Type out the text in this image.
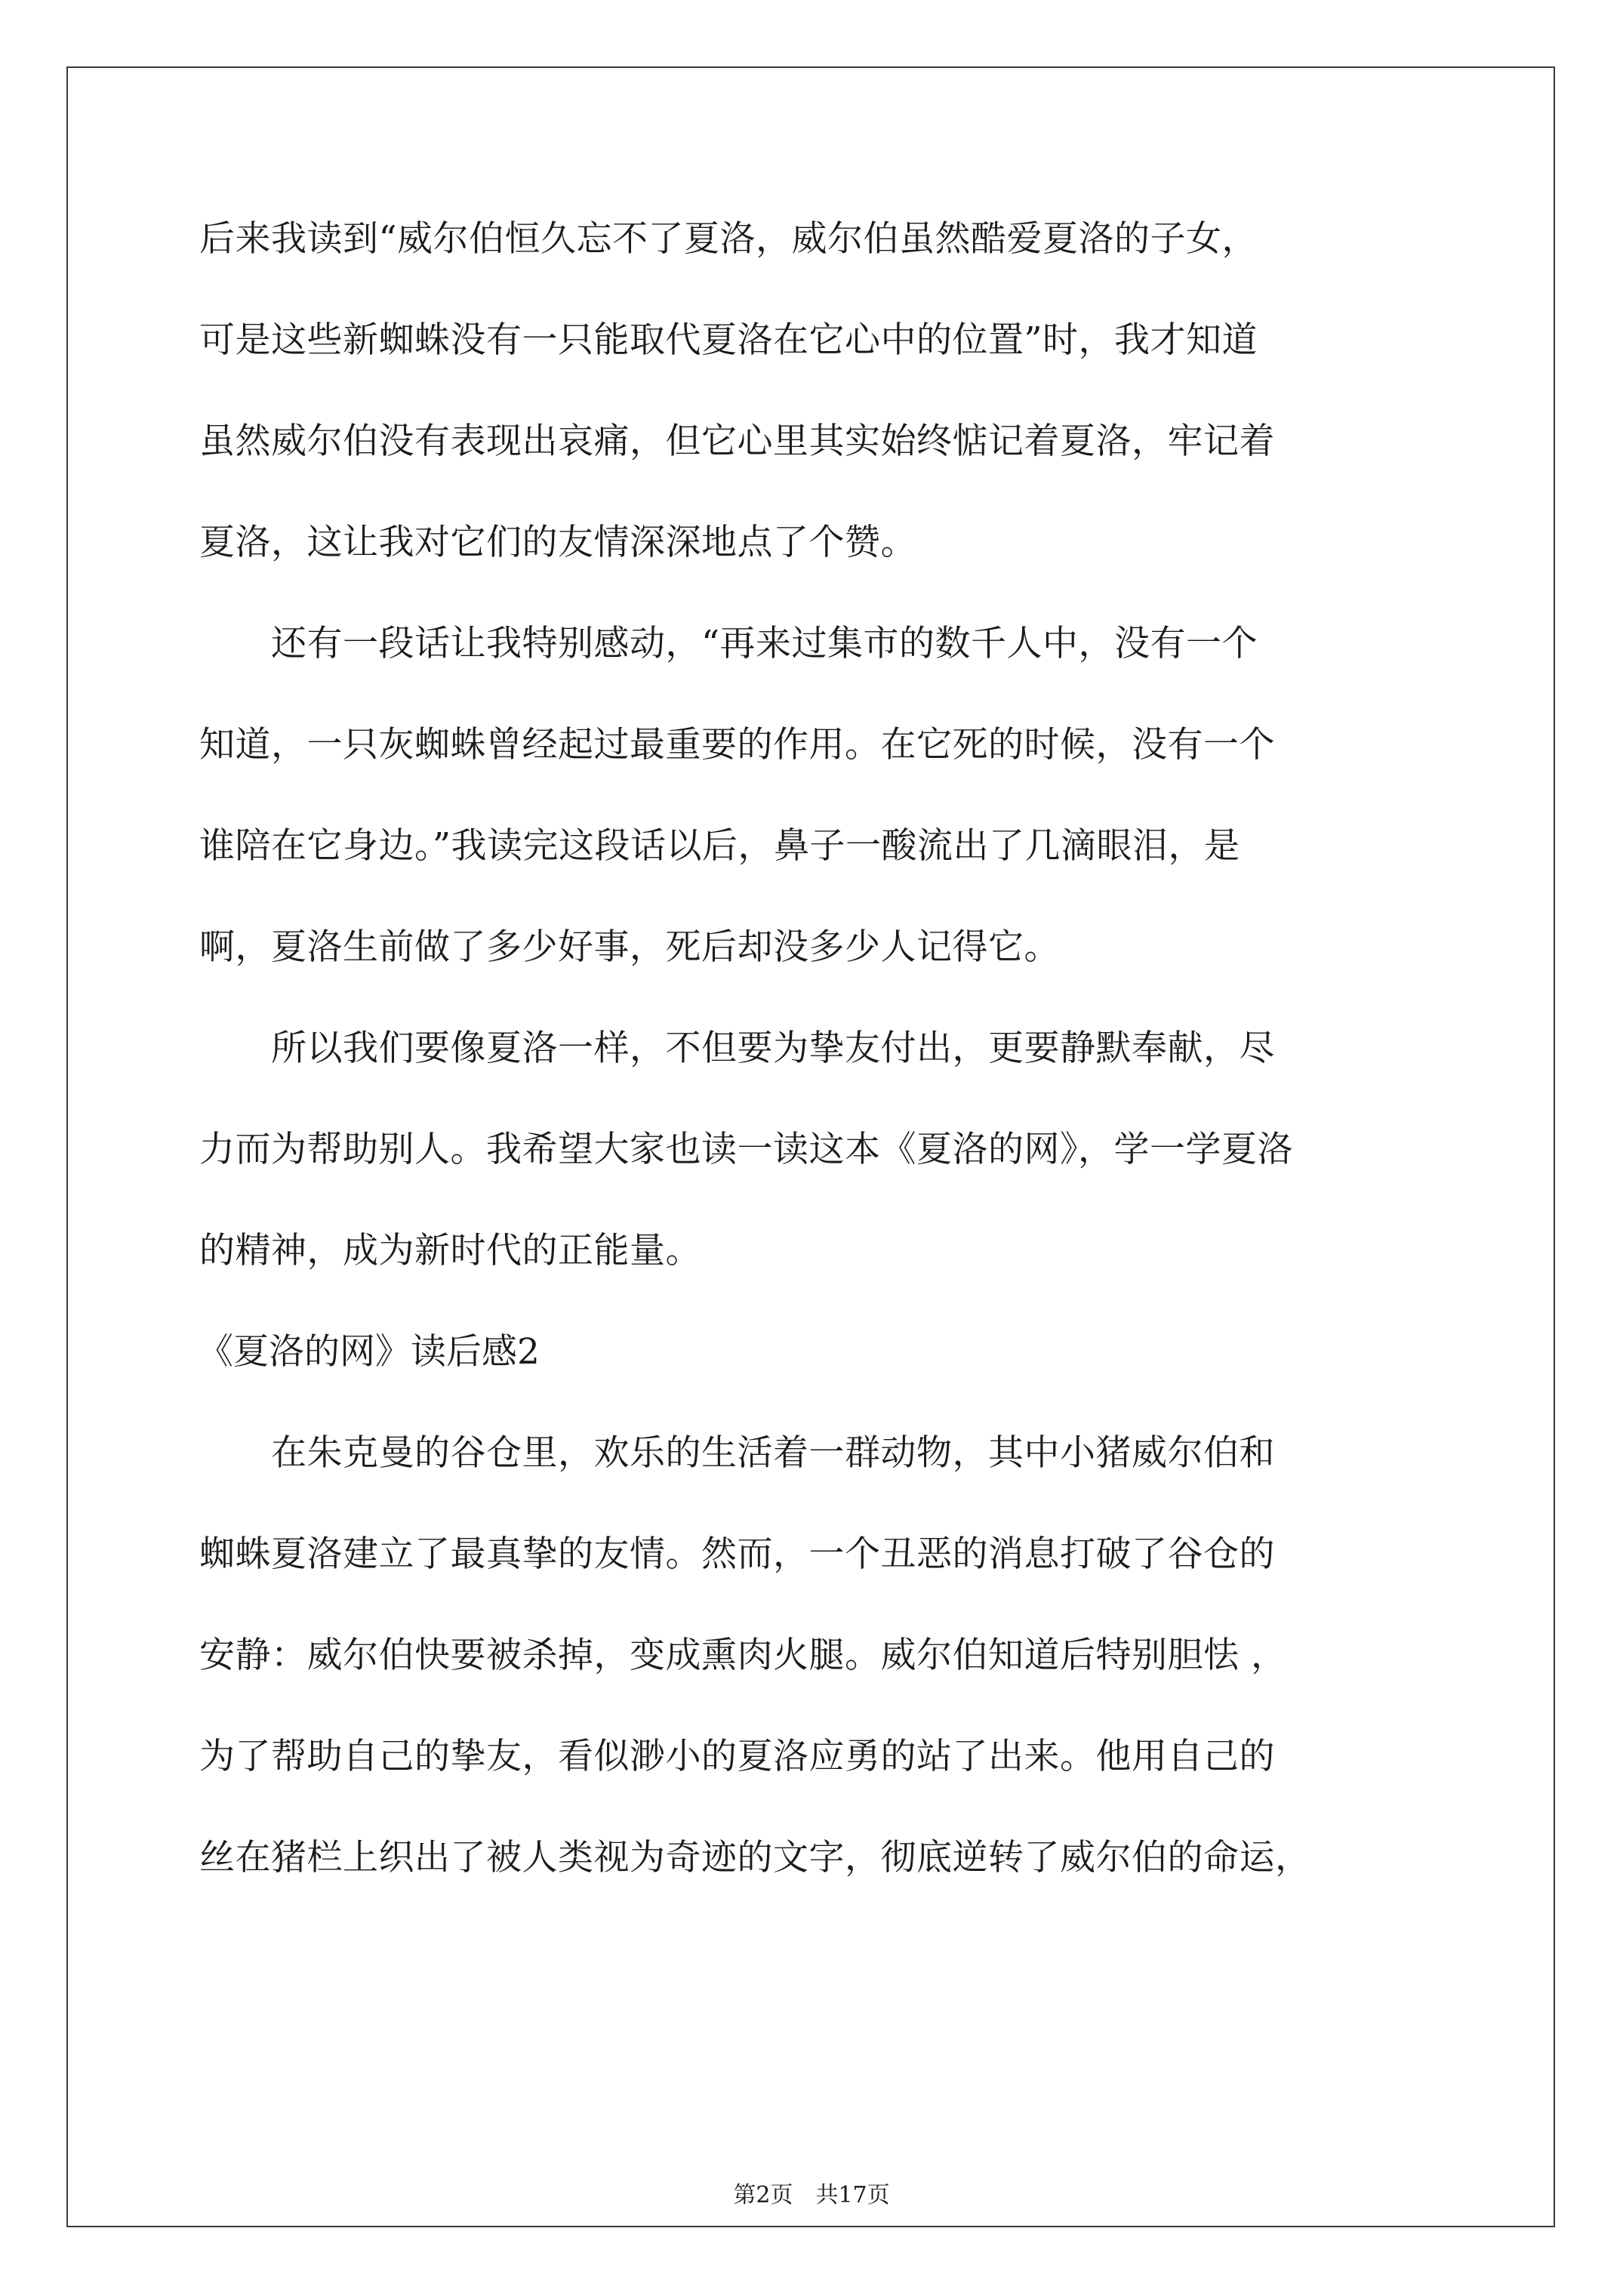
后来我读到“威尔伯恒久忘不了夏洛，威尔伯虽然酷爱夏洛的子女，
可是这些新蜘蛛没有一只能取代夏洛在它心中的位置”时，我才知道
虽然威尔伯没有表现出哀痛，但它心里其实始终惦记着夏洛，牢记着
夏洛，这让我对它们的友情深深地点了个赞。
　　还有一段话让我特别感动，“再来过集市的数千人中，没有一个
知道，一只灰蜘蛛曾经起过最重要的作用。在它死的时候，没有一个
谁陪在它身边。”我读完这段话以后，鼻子一酸流出了几滴眼泪，是
啊，夏洛生前做了多少好事，死后却没多少人记得它。
　　所以我们要像夏洛一样，不但要为挚友付出，更要静默奉献，尽
力而为帮助别人。我希望大家也读一读这本《夏洛的网》，学一学夏洛
的精神，成为新时代的正能量。
《夏洛的网》读后感2
　　在朱克曼的谷仓里，欢乐的生活着一群动物，其中小猪威尔伯和
蜘蛛夏洛建立了最真挚的友情。然而，一个丑恶的消息打破了谷仓的
安静：威尔伯快要被杀掉，变成熏肉火腿。威尔伯知道后特别胆怯 ，
为了帮助自己的挚友，看似渺小的夏洛应勇的站了出来。他用自己的
丝在猪栏上织出了被人类视为奇迹的文字，彻底逆转了威尔伯的命运，
第2页　共17页
